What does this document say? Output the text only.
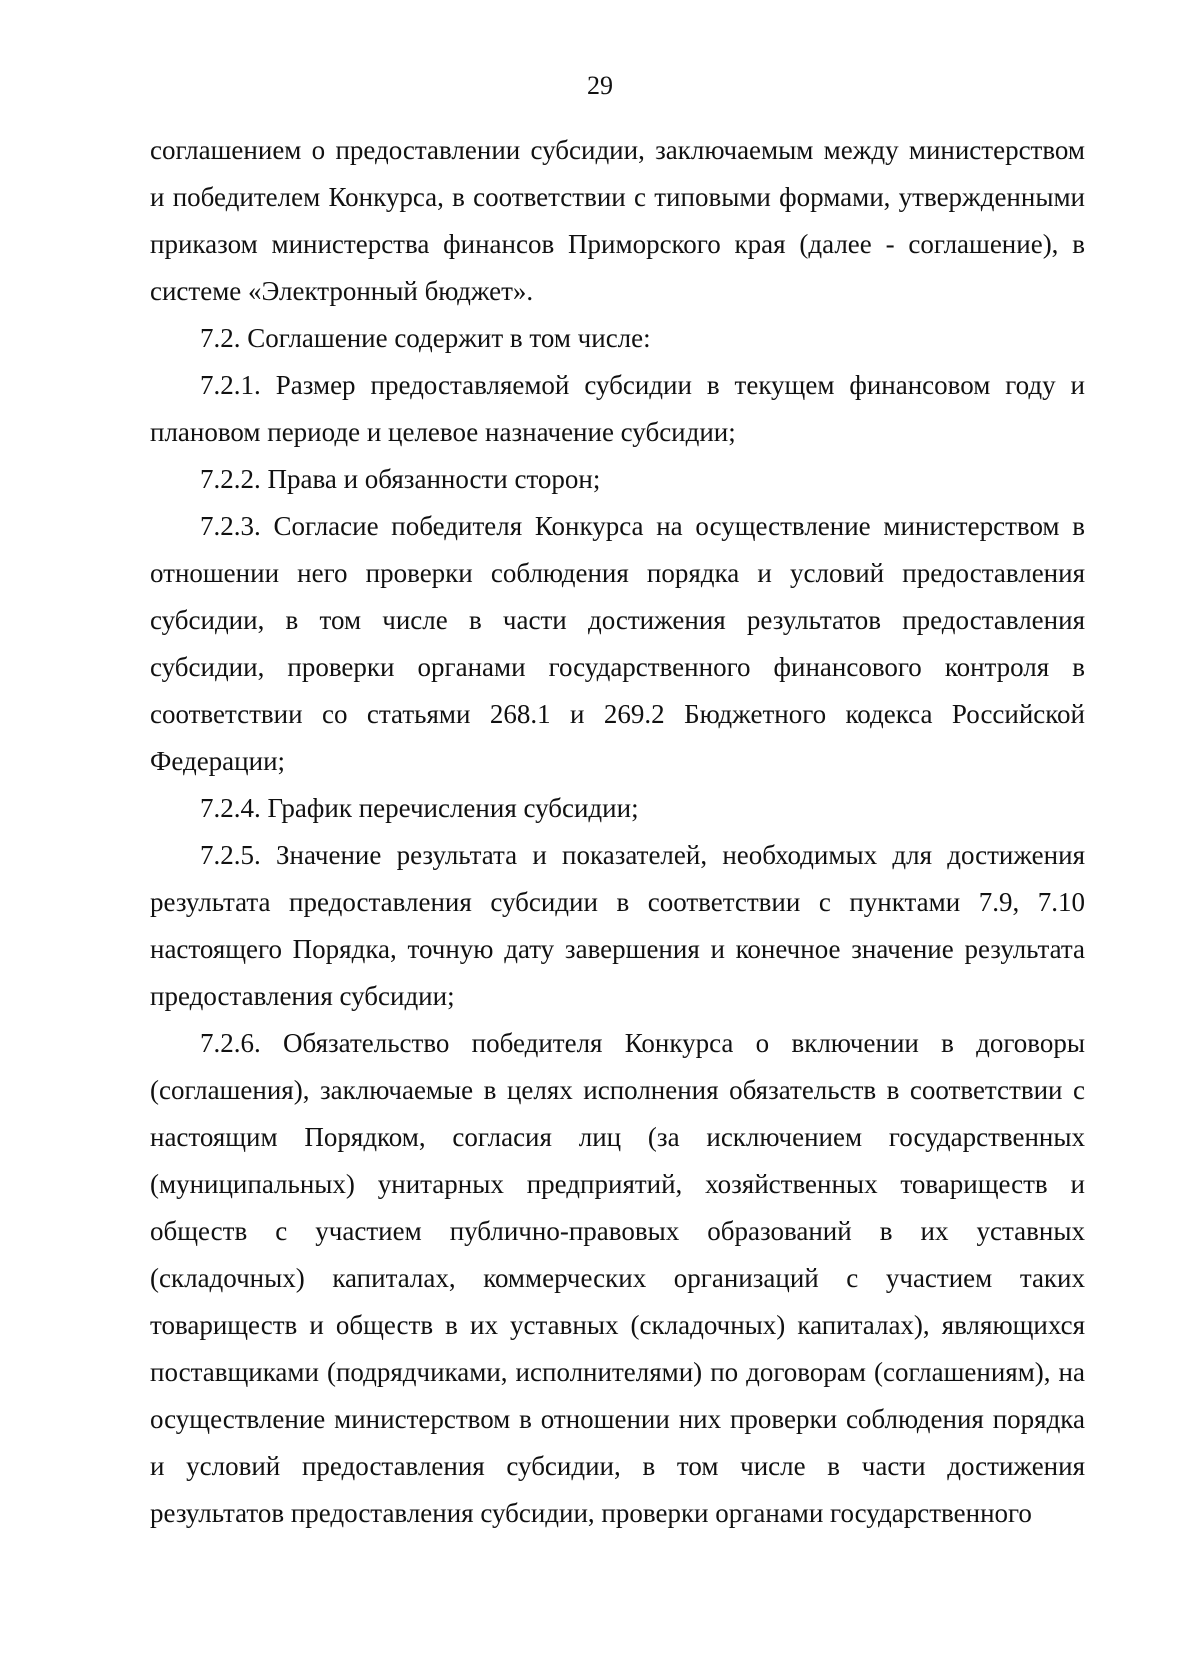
29

соглашением о предоставлении субсидии, заключаемым между министерством и победителем Конкурса, в соответствии с типовыми формами, утвержденными приказом министерства финансов Приморского края (далее - соглашение), в системе «Электронный бюджет».

7.2. Соглашение содержит в том числе:

7.2.1. Размер предоставляемой субсидии в текущем финансовом году и плановом периоде и целевое назначение субсидии;

7.2.2. Права и обязанности сторон;

7.2.3. Согласие победителя Конкурса на осуществление министерством в отношении него проверки соблюдения порядка и условий предоставления субсидии, в том числе в части достижения результатов предоставления субсидии, проверки органами государственного финансового контроля в соответствии со статьями 268.1 и 269.2 Бюджетного кодекса Российской Федерации;

7.2.4. График перечисления субсидии;

7.2.5. Значение результата и показателей, необходимых для достижения результата предоставления субсидии в соответствии с пунктами 7.9, 7.10 настоящего Порядка, точную дату завершения и конечное значение результата предоставления субсидии;

7.2.6. Обязательство победителя Конкурса о включении в договоры (соглашения), заключаемые в целях исполнения обязательств в соответствии с настоящим Порядком, согласия лиц (за исключением государственных (муниципальных) унитарных предприятий, хозяйственных товариществ и обществ с участием публично-правовых образований в их уставных (складочных) капиталах, коммерческих организаций с участием таких товариществ и обществ в их уставных (складочных) капиталах), являющихся поставщиками (подрядчиками, исполнителями) по договорам (соглашениям), на осуществление министерством в отношении них проверки соблюдения порядка и условий предоставления субсидии, в том числе в части достижения результатов предоставления субсидии, проверки органами государственного
